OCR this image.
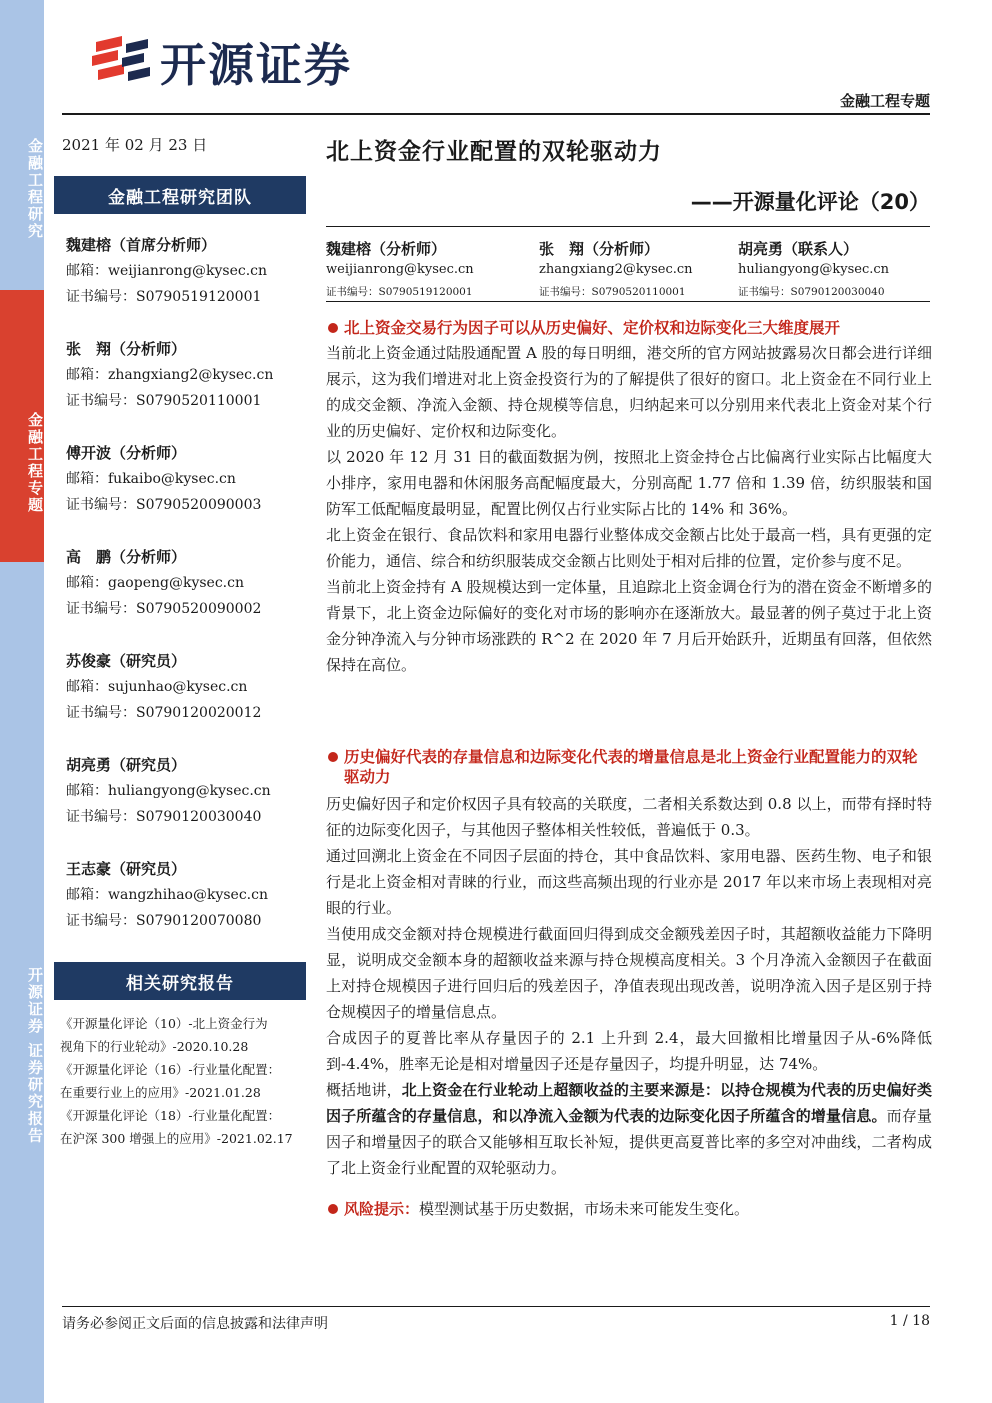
金融工程研究
金融工程专题
开源证券 证券研究报告
开源证券
金融工程专题
2021 年 02 月 23 日
金融工程研究团队
魏建榕（首席分析师）
邮箱：weijianrong@kysec.cn
证书编号：S0790519120001
张　翔（分析师）
邮箱：zhangxiang2@kysec.cn
证书编号：S0790520110001
傅开波（分析师）
邮箱：fukaibo@kysec.cn
证书编号：S0790520090003
高　鹏（分析师）
邮箱：gaopeng@kysec.cn
证书编号：S0790520090002
苏俊豪（研究员）
邮箱：sujunhao@kysec.cn
证书编号：S0790120020012
胡亮勇（研究员）
邮箱：huliangyong@kysec.cn
证书编号：S0790120030040
王志豪（研究员）
邮箱：wangzhihao@kysec.cn
证书编号：S0790120070080
相关研究报告
《开源量化评论（10）-北上资金行为
视角下的行业轮动》-2020.10.28
《开源量化评论（16）-行业量化配置：
在重要行业上的应用》-2021.01.28
《开源量化评论（18）-行业量化配置：
在沪深 300 增强上的应用》-2021.02.17
北上资金行业配置的双轮驱动力
——开源量化评论（20）
魏建榕（分析师）
weijianrong@kysec.cn
证书编号：S0790519120001
张　翔（分析师）
zhangxiang2@kysec.cn
证书编号：S0790520110001
胡亮勇（联系人）
huliangyong@kysec.cn
证书编号：S0790120030040
北上资金交易行为因子可以从历史偏好、定价权和边际变化三大维度展开
当前北上资金通过陆股通配置 A 股的每日明细，港交所的官方网站披露易次日都会进行详细展示，这为我们增进对北上资金投资行为的了解提供了很好的窗口。北上资金在不同行业上的成交金额、净流入金额、持仓规模等信息，归纳起来可以分别用来代表北上资金对某个行业的历史偏好、定价权和边际变化。
以 2020 年 12 月 31 日的截面数据为例，按照北上资金持仓占比偏离行业实际占比幅度大小排序，家用电器和休闲服务高配幅度最大，分别高配 1.77 倍和 1.39 倍，纺织服装和国防军工低配幅度最明显，配置比例仅占行业实际占比的 14% 和 36%。
北上资金在银行、食品饮料和家用电器行业整体成交金额占比处于最高一档，具有更强的定价能力，通信、综合和纺织服装成交金额占比则处于相对后排的位置，定价参与度不足。
当前北上资金持有 A 股规模达到一定体量，且追踪北上资金调仓行为的潜在资金不断增多的背景下，北上资金边际偏好的变化对市场的影响亦在逐渐放大。最显著的例子莫过于北上资金分钟净流入与分钟市场涨跌的 R^2 在 2020 年 7 月后开始跃升，近期虽有回落，但依然保持在高位。
历史偏好代表的存量信息和边际变化代表的增量信息是北上资金行业配置能力的双轮驱动力
历史偏好因子和定价权因子具有较高的关联度，二者相关系数达到 0.8 以上，而带有择时特征的边际变化因子，与其他因子整体相关性较低，普遍低于 0.3。
通过回溯北上资金在不同因子层面的持仓，其中食品饮料、家用电器、医药生物、电子和银行是北上资金相对青睐的行业，而这些高频出现的行业亦是 2017 年以来市场上表现相对亮眼的行业。
当使用成交金额对持仓规模进行截面回归得到成交金额残差因子时，其超额收益能力下降明显，说明成交金额本身的超额收益来源与持仓规模高度相关。3 个月净流入金额因子在截面上对持仓规模因子进行回归后的残差因子，净值表现出现改善，说明净流入因子是区别于持仓规模因子的增量信息点。
合成因子的夏普比率从存量因子的 2.1 上升到 2.4，最大回撤相比增量因子从-6%降低到-4.4%，胜率无论是相对增量因子还是存量因子，均提升明显，达 74%。
概括地讲，北上资金在行业轮动上超额收益的主要来源是：以持仓规模为代表的历史偏好类因子所蕴含的存量信息，和以净流入金额为代表的边际变化因子所蕴含的增量信息。而存量因子和增量因子的联合又能够相互取长补短，提供更高夏普比率的多空对冲曲线，二者构成了北上资金行业配置的双轮驱动力。
风险提示：模型测试基于历史数据，市场未来可能发生变化。
请务必参阅正文后面的信息披露和法律声明	1 / 18
